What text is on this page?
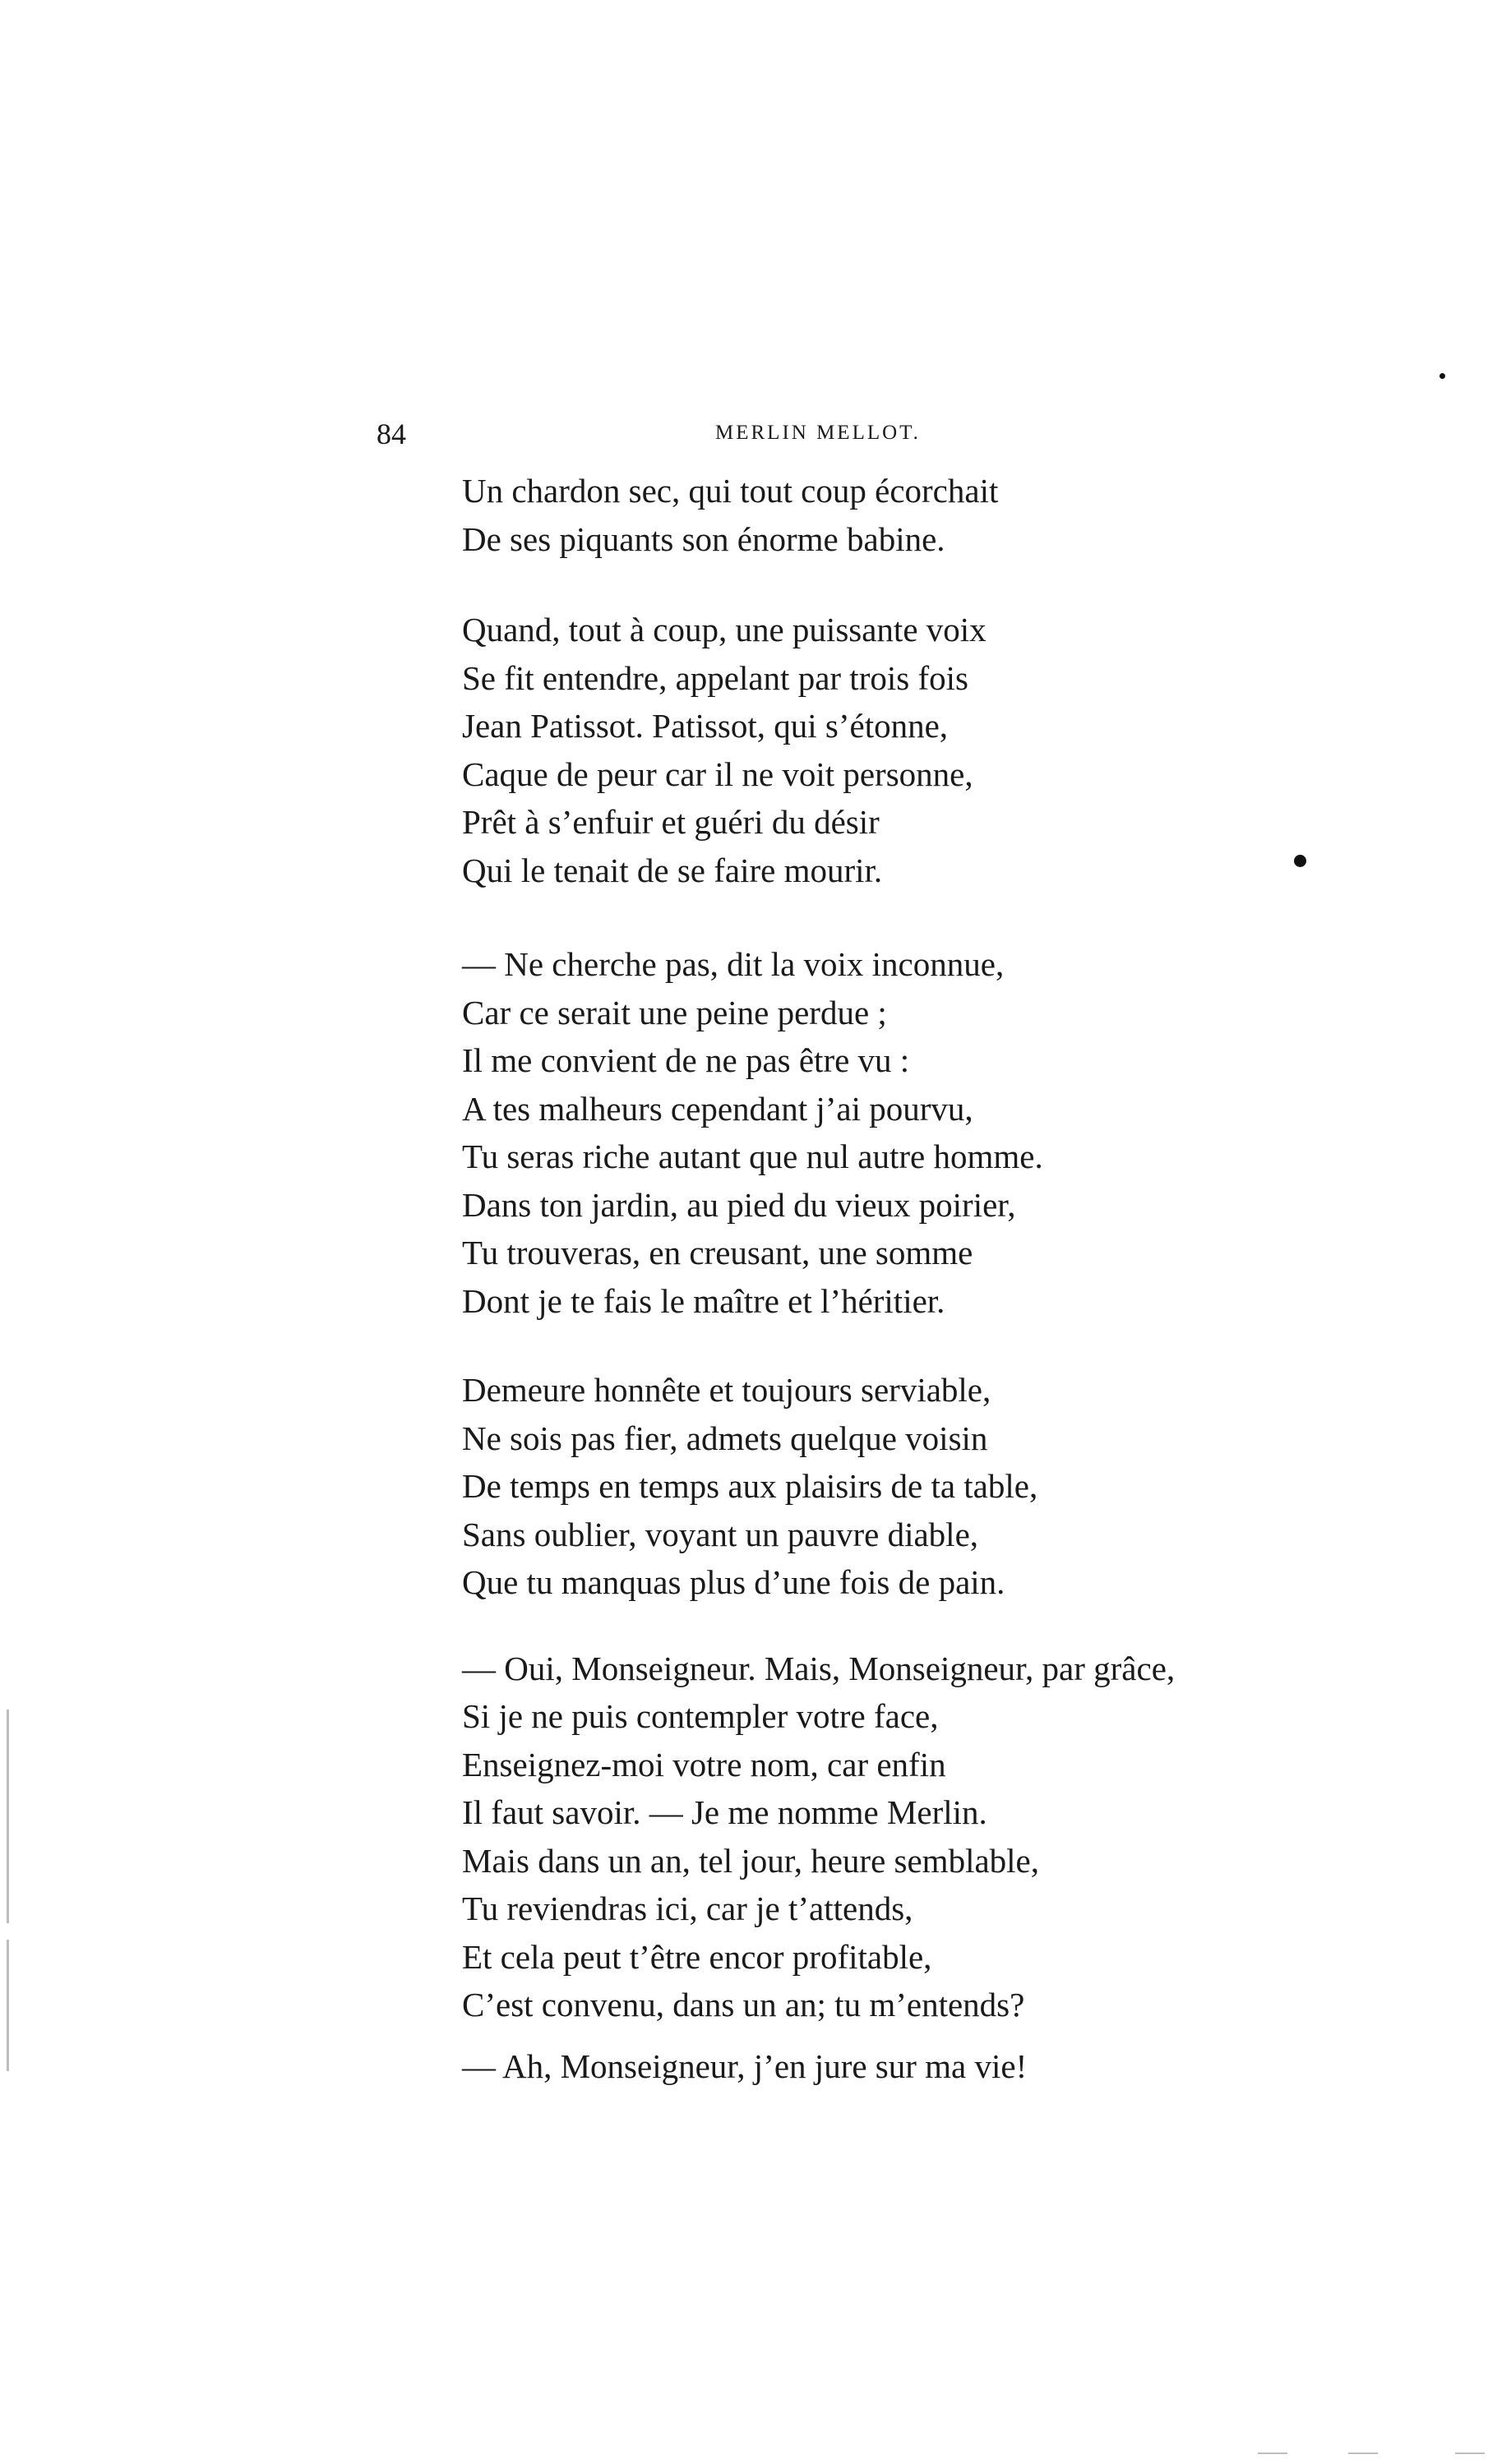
84	MERLIN MELLOT.
Un chardon sec, qui tout coup écorchait
De ses piquants son énorme babine.
Quand, tout à coup, une puissante voix
Se fit entendre, appelant par trois fois
Jean Patissot. Patissot, qui s’étonne,
Caque de peur car il ne voit personne,
Prêt à s’enfuir et guéri du désir
Qui le tenait de se faire mourir.
— Ne cherche pas, dit la voix inconnue,
Car ce serait une peine perdue ;
Il me convient de ne pas être vu :
A tes malheurs cependant j’ai pourvu,
Tu seras riche autant que nul autre homme.
Dans ton jardin, au pied du vieux poirier,
Tu trouveras, en creusant, une somme
Dont je te fais le maître et l’héritier.
Demeure honnête et toujours serviable,
Ne sois pas fier, admets quelque voisin
De temps en temps aux plaisirs de ta table,
Sans oublier, voyant un pauvre diable,
Que tu manquas plus d’une fois de pain.
— Oui, Monseigneur. Mais, Monseigneur, par grâce,
Si je ne puis contempler votre face,
Enseignez-moi votre nom, car enfin
Il faut savoir. — Je me nomme Merlin.
Mais dans un an, tel jour, heure semblable,
Tu reviendras ici, car je t’attends,
Et cela peut t’être encor profitable,
C’est convenu, dans un an; tu m’entends?
— Ah, Monseigneur, j’en jure sur ma vie!
